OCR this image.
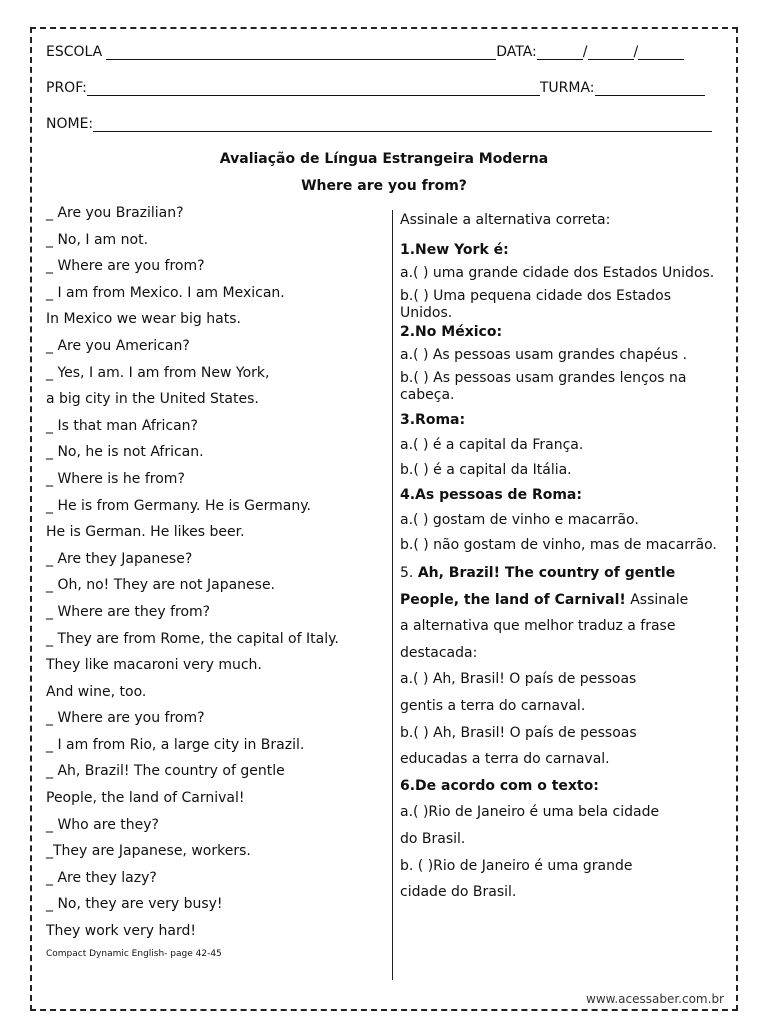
ESCOLA	DATA:	/	/
PROF:	TURMA:
NOME:
Avaliação de Língua Estrangeira Moderna
Where are you from?
_ Are you Brazilian?
_ No, I am not.
_ Where are you from?
_ I am from Mexico. I am Mexican.
In Mexico we wear big hats.
_ Are you American?
_ Yes, I am. I am from New York,
a big city in the United States.
_ Is that man African?
_ No, he is not African.
_ Where is he from?
_ He is from Germany. He is Germany.
He is German. He likes beer.
_ Are they Japanese?
_ Oh, no! They are not Japanese.
_ Where are they from?
_ They are from Rome, the capital of Italy.
They like macaroni very much.
And wine, too.
_ Where are you from?
_ I am from Rio, a large city in Brazil.
_ Ah, Brazil! The country of gentle
People, the land of Carnival!
_ Who are they?
_They are Japanese, workers.
_ Are they lazy?
_ No, they are very busy!
They work very hard!
Compact Dynamic English- page 42-45

Assinale a alternativa correta:

1.New York é:

a.( ) uma grande cidade dos Estados Unidos.

b.( ) Uma pequena cidade dos Estados Unidos.

2.No México:

a.( ) As pessoas usam grandes chapéus .

b.( ) As pessoas usam grandes lenços na cabeça.

3.Roma:

a.( ) é a capital da França.

b.( ) é a capital da Itália.

4.As pessoas de Roma:

a.( ) gostam de vinho e macarrão.

b.( ) não gostam de vinho, mas de macarrão.

5. Ah, Brazil! The country of gentle

People, the land of Carnival! Assinale

a alternativa que melhor traduz a frase

destacada:

a.( ) Ah, Brasil! O país de pessoas

gentis a terra do carnaval.

b.( ) Ah, Brasil! O país de pessoas

educadas a terra do carnaval.

6.De acordo com o texto:

a.( )Rio de Janeiro é uma bela cidade

do Brasil.

b. ( )Rio de Janeiro é uma grande

cidade do Brasil.

www.acessaber.com.br
